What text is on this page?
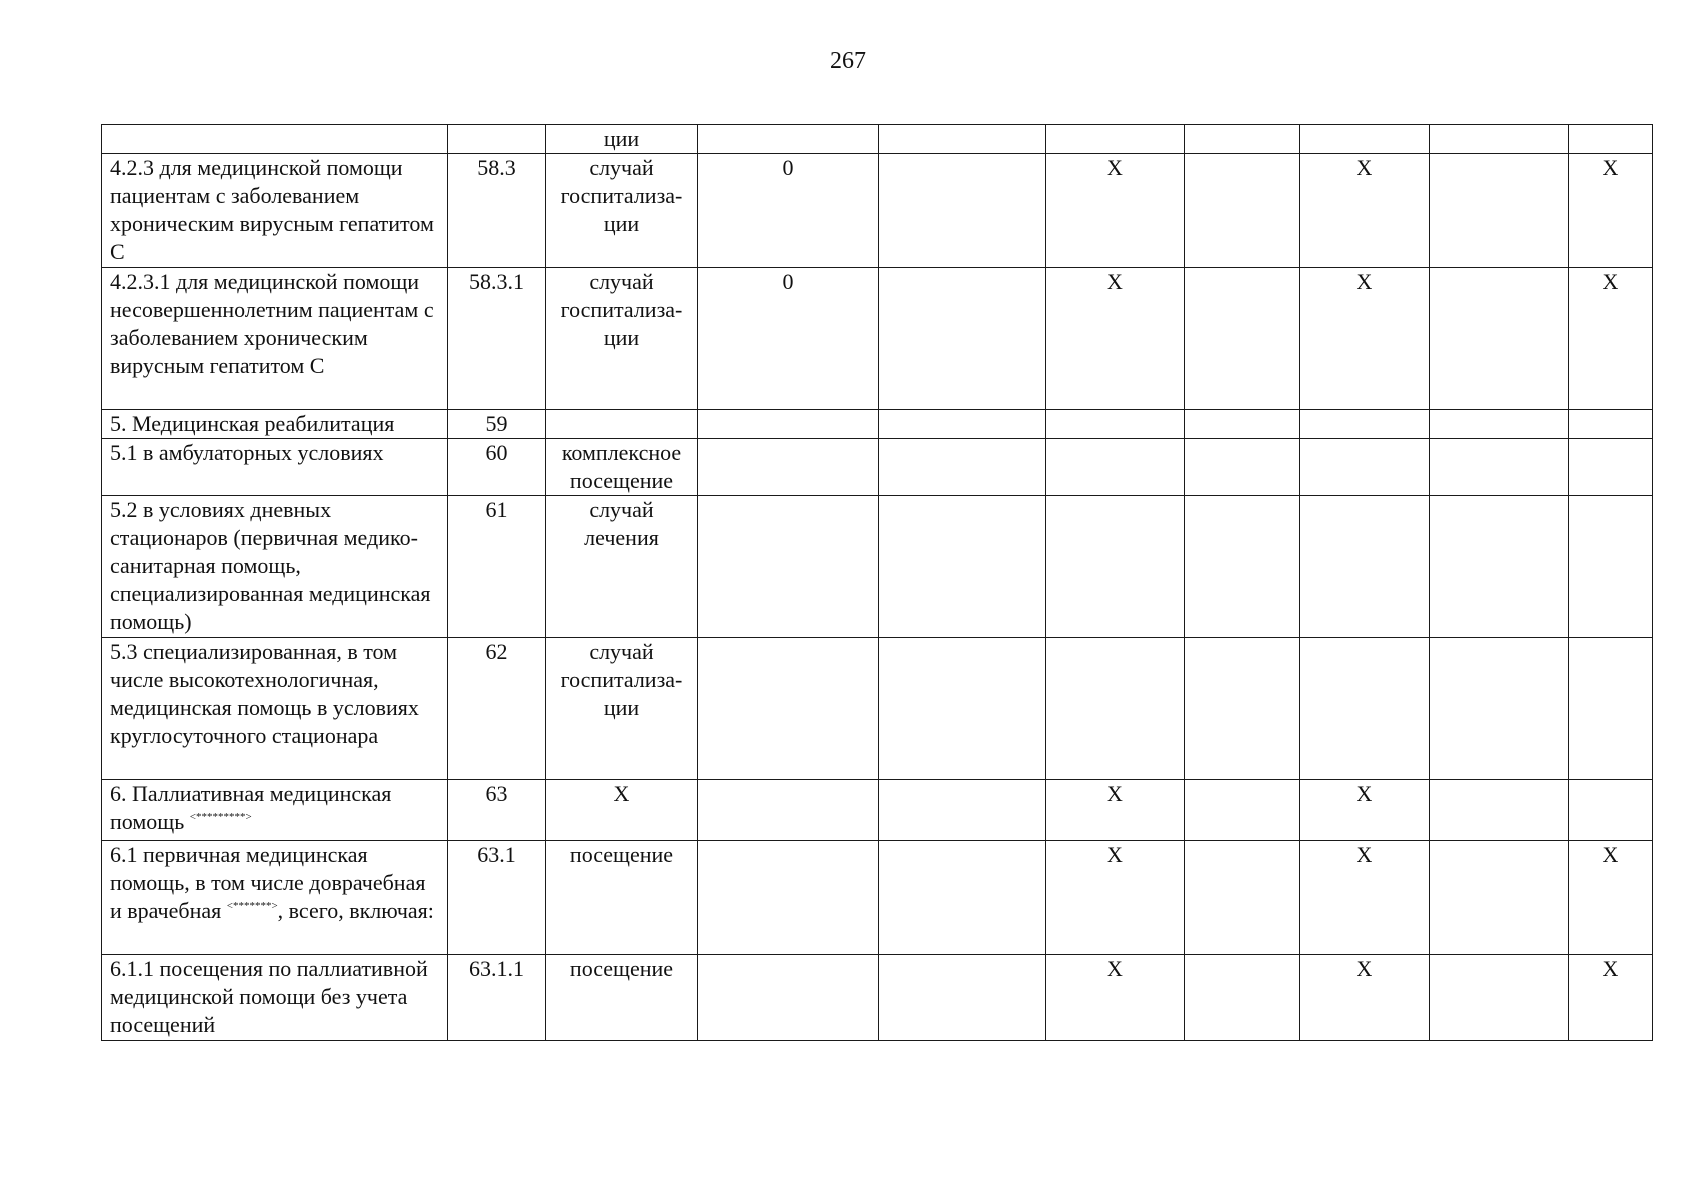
267
		ции							
4.2.3 для медицинской помощи пациентам с заболеванием хроническим вирусным гепатитом С	58.3	случай госпитализа-ции	0		X		X		X
4.2.3.1 для медицинской помощи несовершеннолетним пациентам с заболеванием хроническим вирусным гепатитом С	58.3.1	случай госпитализа-ции	0		X		X		X
5. Медицинская реабилитация	59								
5.1 в амбулаторных условиях	60	комплексное посещение							
5.2 в условиях дневных стационаров (первичная медико-санитарная помощь, специализированная медицинская помощь)	61	случай лечения							
5.3 специализированная, в том числе высокотехнологичная, медицинская помощь в условиях круглосуточного стационара	62	случай госпитализа-ции							
6. Паллиативная медицинская помощь <*********>	63	X			X		X		
6.1 первичная медицинская помощь, в том числе доврачебная и врачебная <*******>, всего, включая:	63.1	посещение			X		X		X
6.1.1 посещения по паллиативной медицинской помощи без учета посещений	63.1.1	посещение			X		X		X
